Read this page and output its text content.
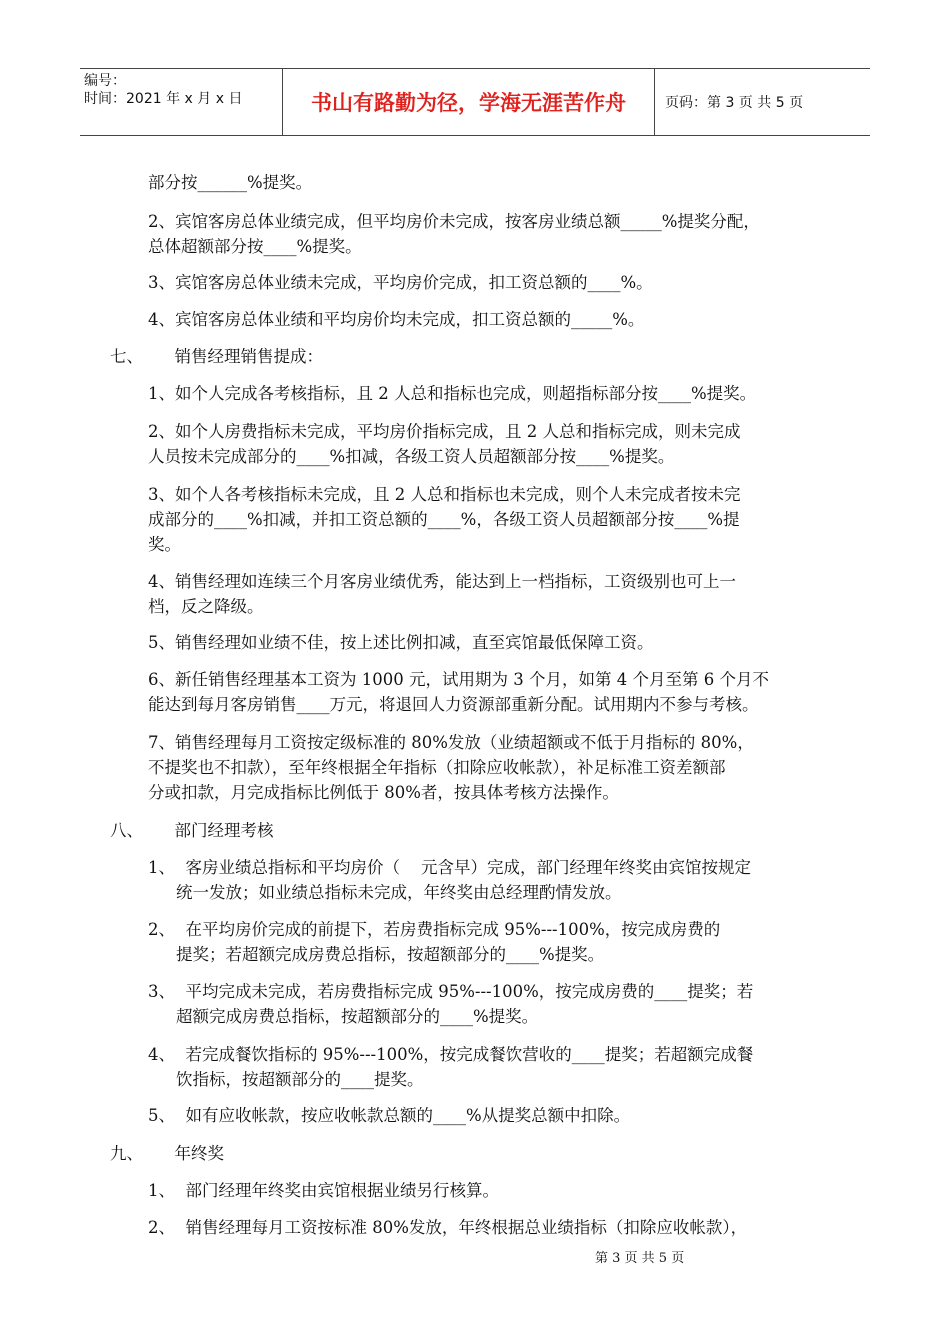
编号：
时间：2021 年 x 月 x 日	书山有路勤为径，学海无涯苦作舟	页码：第 3 页 共 5 页
部分按______%提奖。
2、宾馆客房总体业绩完成，但平均房价未完成，按客房业绩总额_____%提奖分配，
总体超额部分按____%提奖。
3、宾馆客房总体业绩未完成，平均房价完成，扣工资总额的____%。
4、宾馆客房总体业绩和平均房价均未完成，扣工资总额的_____%。
七、      销售经理销售提成：
1、如个人完成各考核指标，且 2 人总和指标也完成，则超指标部分按____%提奖。
2、如个人房费指标未完成，平均房价指标完成，且 2 人总和指标完成，则未完成
人员按未完成部分的____%扣减，各级工资人员超额部分按____%提奖。
3、如个人各考核指标未完成，且 2 人总和指标也未完成，则个人未完成者按未完
成部分的____%扣减，并扣工资总额的____%，各级工资人员超额部分按____%提
奖。
4、销售经理如连续三个月客房业绩优秀，能达到上一档指标，工资级别也可上一
档，反之降级。
5、销售经理如业绩不佳，按上述比例扣减，直至宾馆最低保障工资。
6、新任销售经理基本工资为 1000 元，试用期为 3 个月，如第 4 个月至第 6 个月不
能达到每月客房销售____万元，将退回人力资源部重新分配。试用期内不参与考核。
7、销售经理每月工资按定级标准的 80%发放（业绩超额或不低于月指标的 80%，
不提奖也不扣款），至年终根据全年指标（扣除应收帐款），补足标准工资差额部
分或扣款，月完成指标比例低于 80%者，按具体考核方法操作。
八、      部门经理考核
1、  客房业绩总指标和平均房价（    元含早）完成，部门经理年终奖由宾馆按规定
统一发放；如业绩总指标未完成，年终奖由总经理酌情发放。
2、  在平均房价完成的前提下，若房费指标完成 95%---100%，按完成房费的
提奖；若超额完成房费总指标，按超额部分的____%提奖。
3、  平均完成未完成，若房费指标完成 95%---100%，按完成房费的____提奖；若
超额完成房费总指标，按超额部分的____%提奖。
4、  若完成餐饮指标的 95%---100%，按完成餐饮营收的____提奖；若超额完成餐
饮指标，按超额部分的____提奖。
5、  如有应收帐款，按应收帐款总额的____%从提奖总额中扣除。
九、      年终奖
1、  部门经理年终奖由宾馆根据业绩另行核算。
2、  销售经理每月工资按标准 80%发放，年终根据总业绩指标（扣除应收帐款），
第 3 页 共 5 页
